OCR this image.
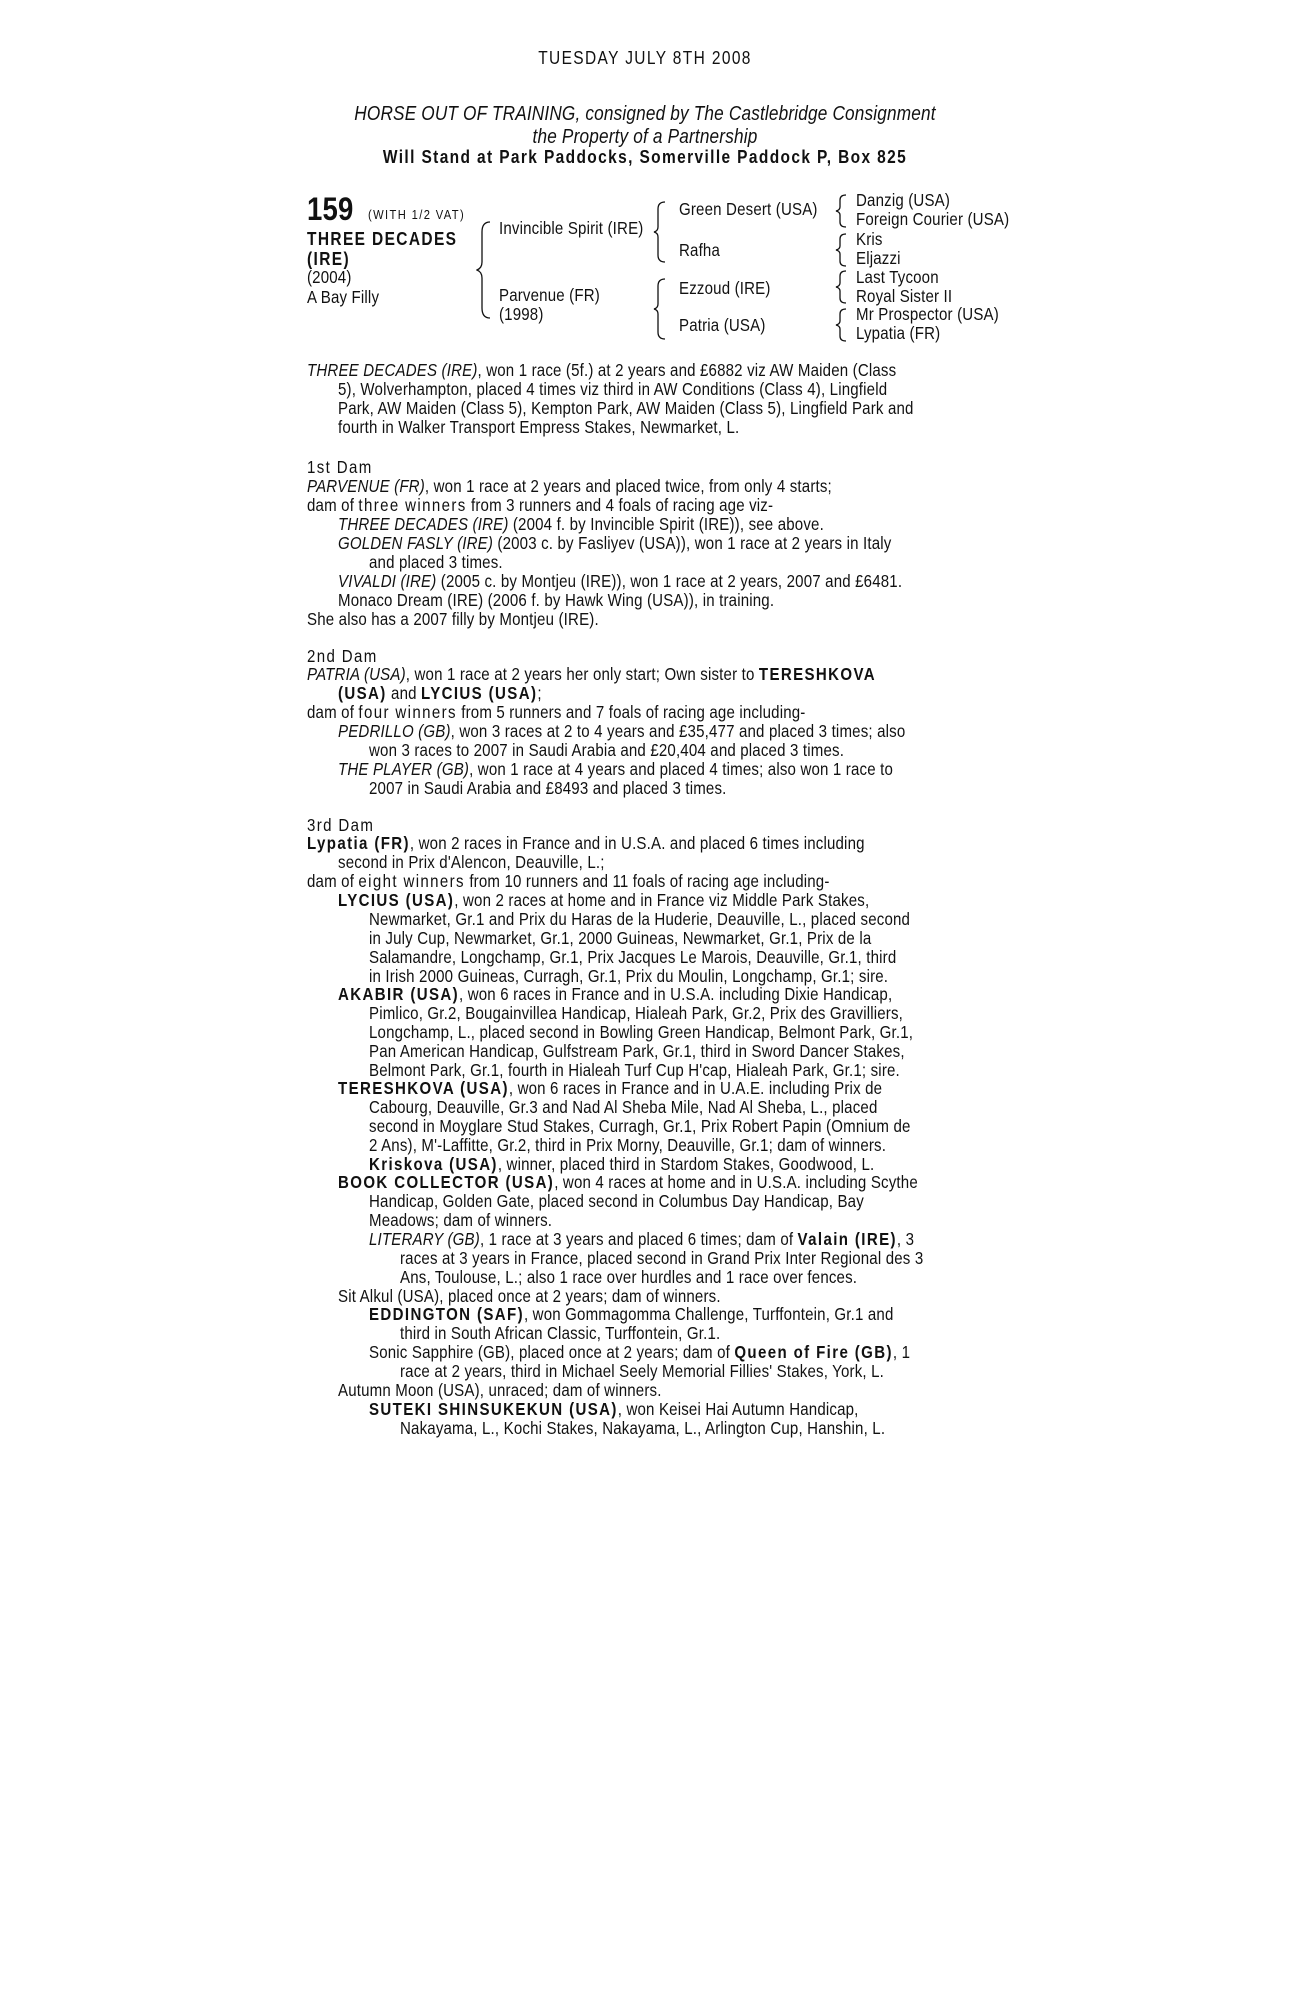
TUESDAY JULY 8TH 2008
HORSE OUT OF TRAINING, consigned by The Castlebridge Consignment
the Property of a Partnership
Will Stand at Park Paddocks, Somerville Paddock P, Box 825
159 (WITH 1/2 VAT)
THREE DECADES
(IRE)
(2004)
A Bay Filly
Invincible Spirit (IRE)
Parvenue (FR)
(1998)
Green Desert (USA)
Rafha
Ezzoud (IRE)
Patria (USA)
Danzig (USA)
Foreign Courier (USA)
Kris
Eljazzi
Last Tycoon
Royal Sister II
Mr Prospector (USA)
Lypatia (FR)
THREE DECADES (IRE), won 1 race (5f.) at 2 years and £6882 viz AW Maiden (Class
5), Wolverhampton, placed 4 times viz third in AW Conditions (Class 4), Lingfield
Park, AW Maiden (Class 5), Kempton Park, AW Maiden (Class 5), Lingfield Park and
fourth in Walker Transport Empress Stakes, Newmarket, L.
1st Dam
PARVENUE (FR), won 1 race at 2 years and placed twice, from only 4 starts;
dam of three winners from 3 runners and 4 foals of racing age viz-
THREE DECADES (IRE) (2004 f. by Invincible Spirit (IRE)), see above.
GOLDEN FASLY (IRE) (2003 c. by Fasliyev (USA)), won 1 race at 2 years in Italy
and placed 3 times.
VIVALDI (IRE) (2005 c. by Montjeu (IRE)), won 1 race at 2 years, 2007 and £6481.
Monaco Dream (IRE) (2006 f. by Hawk Wing (USA)), in training.
She also has a 2007 filly by Montjeu (IRE).
2nd Dam
PATRIA (USA), won 1 race at 2 years her only start; Own sister to TERESHKOVA
(USA) and LYCIUS (USA);
dam of four winners from 5 runners and 7 foals of racing age including-
PEDRILLO (GB), won 3 races at 2 to 4 years and £35,477 and placed 3 times; also
won 3 races to 2007 in Saudi Arabia and £20,404 and placed 3 times.
THE PLAYER (GB), won 1 race at 4 years and placed 4 times; also won 1 race to
2007 in Saudi Arabia and £8493 and placed 3 times.
3rd Dam
Lypatia (FR), won 2 races in France and in U.S.A. and placed 6 times including
second in Prix d'Alencon, Deauville, L.;
dam of eight winners from 10 runners and 11 foals of racing age including-
LYCIUS (USA), won 2 races at home and in France viz Middle Park Stakes,
Newmarket, Gr.1 and Prix du Haras de la Huderie, Deauville, L., placed second
in July Cup, Newmarket, Gr.1, 2000 Guineas, Newmarket, Gr.1, Prix de la
Salamandre, Longchamp, Gr.1, Prix Jacques Le Marois, Deauville, Gr.1, third
in Irish 2000 Guineas, Curragh, Gr.1, Prix du Moulin, Longchamp, Gr.1; sire.
AKABIR (USA), won 6 races in France and in U.S.A. including Dixie Handicap,
Pimlico, Gr.2, Bougainvillea Handicap, Hialeah Park, Gr.2, Prix des Gravilliers,
Longchamp, L., placed second in Bowling Green Handicap, Belmont Park, Gr.1,
Pan American Handicap, Gulfstream Park, Gr.1, third in Sword Dancer Stakes,
Belmont Park, Gr.1, fourth in Hialeah Turf Cup H'cap, Hialeah Park, Gr.1; sire.
TERESHKOVA (USA), won 6 races in France and in U.A.E. including Prix de
Cabourg, Deauville, Gr.3 and Nad Al Sheba Mile, Nad Al Sheba, L., placed
second in Moyglare Stud Stakes, Curragh, Gr.1, Prix Robert Papin (Omnium de
2 Ans), M'-Laffitte, Gr.2, third in Prix Morny, Deauville, Gr.1; dam of winners.
Kriskova (USA), winner, placed third in Stardom Stakes, Goodwood, L.
BOOK COLLECTOR (USA), won 4 races at home and in U.S.A. including Scythe
Handicap, Golden Gate, placed second in Columbus Day Handicap, Bay
Meadows; dam of winners.
LITERARY (GB), 1 race at 3 years and placed 6 times; dam of Valain (IRE), 3
races at 3 years in France, placed second in Grand Prix Inter Regional des 3
Ans, Toulouse, L.; also 1 race over hurdles and 1 race over fences.
Sit Alkul (USA), placed once at 2 years; dam of winners.
EDDINGTON (SAF), won Gommagomma Challenge, Turffontein, Gr.1 and
third in South African Classic, Turffontein, Gr.1.
Sonic Sapphire (GB), placed once at 2 years; dam of Queen of Fire (GB), 1
race at 2 years, third in Michael Seely Memorial Fillies' Stakes, York, L.
Autumn Moon (USA), unraced; dam of winners.
SUTEKI SHINSUKEKUN (USA), won Keisei Hai Autumn Handicap,
Nakayama, L., Kochi Stakes, Nakayama, L., Arlington Cup, Hanshin, L.
